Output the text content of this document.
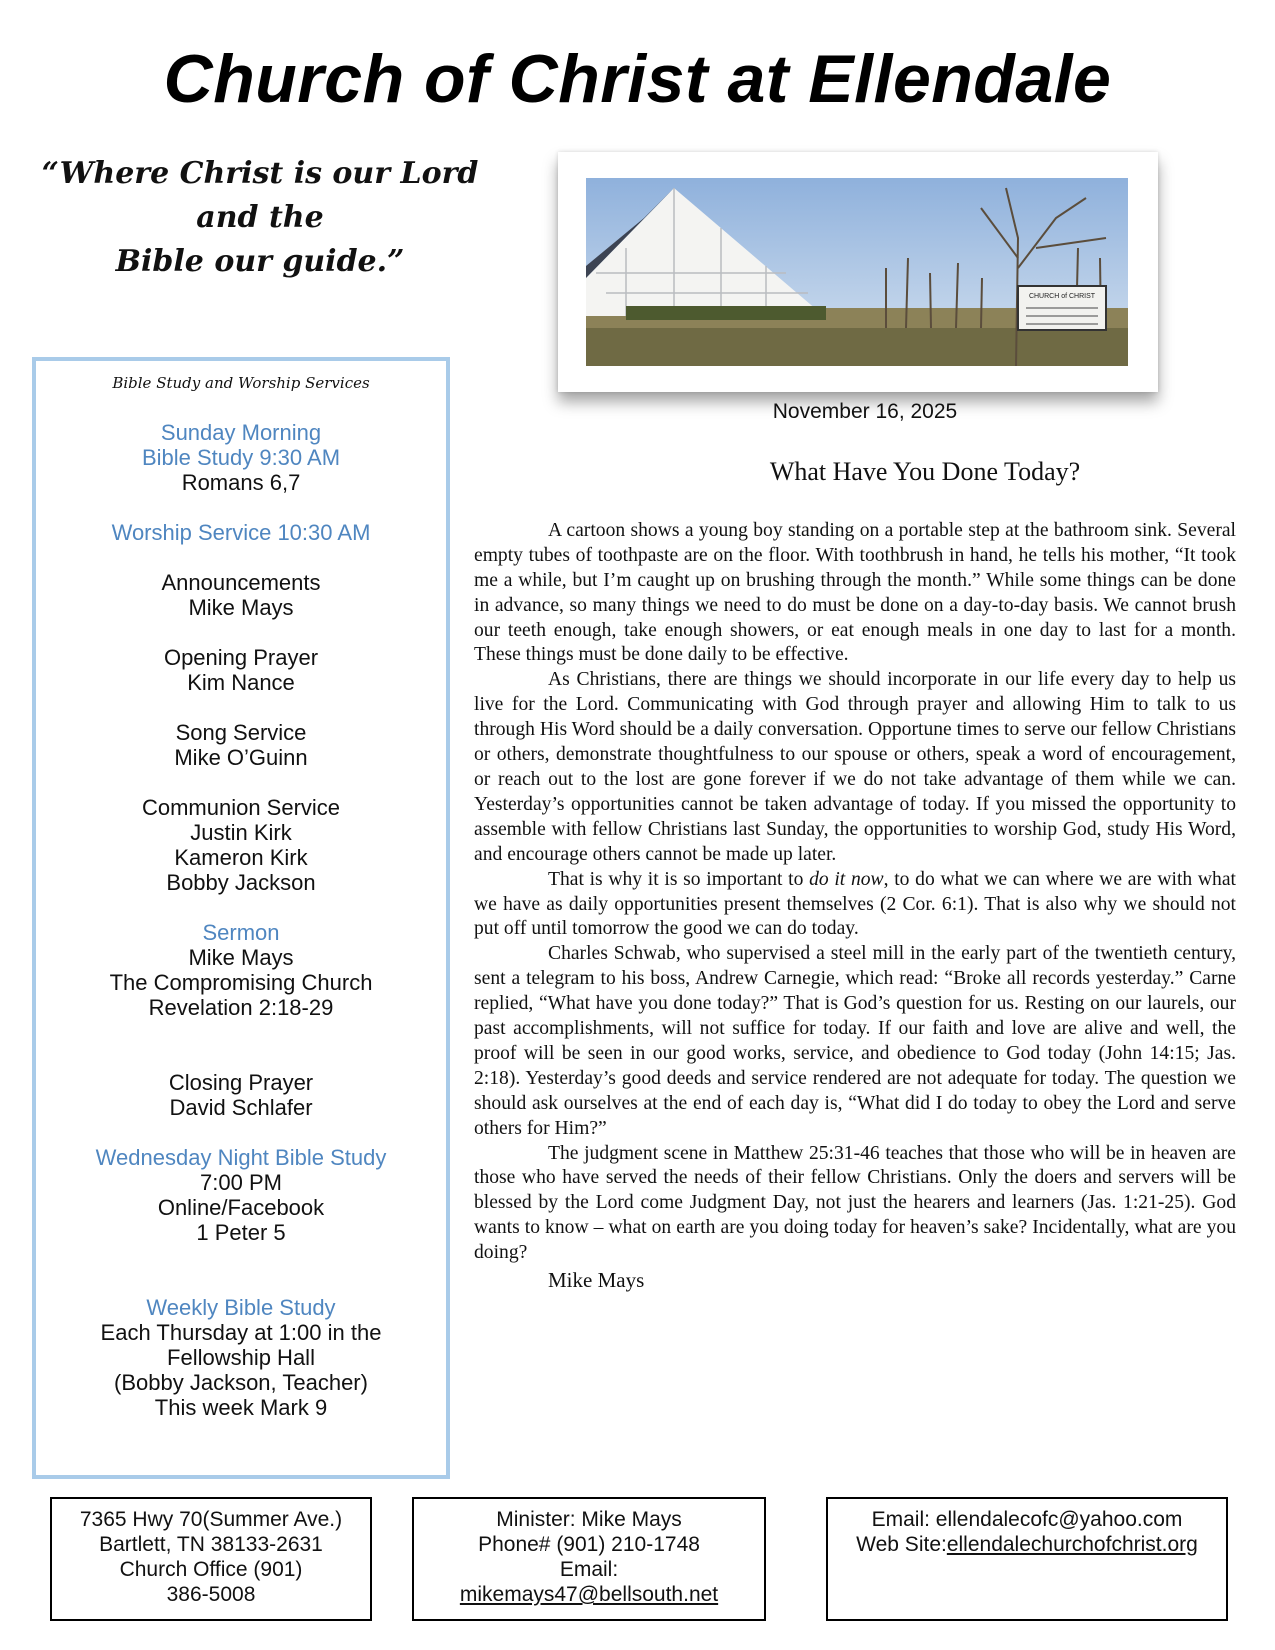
Church of Christ at Ellendale
“Where Christ is our Lord and the
Bible our guide.”
CHURCH of CHRIST
November 16, 2025
Bible Study and Worship Services
Sunday Morning
Bible Study 9:30 AM
Romans 6,7
Worship Service 10:30 AM
Announcements
Mike Mays
Opening Prayer
Kim Nance
Song Service
Mike O’Guinn
Communion Service
Justin Kirk
Kameron Kirk
Bobby Jackson
Sermon
Mike Mays
The Compromising Church
Revelation 2:18-29
Closing Prayer
David Schlafer
Wednesday Night Bible Study
7:00 PM
Online/Facebook
1 Peter 5
Weekly Bible Study
Each Thursday at 1:00 in the
Fellowship Hall
(Bobby Jackson, Teacher)
This week Mark 9
What Have You Done Today?

A cartoon shows a young boy standing on a portable step at the bathroom sink. Several empty tubes of toothpaste are on the floor. With toothbrush in hand, he tells his mother, “It took me a while, but I’m caught up on brushing through the month.” While some things can be done in advance, so many things we need to do must be done on a day-to-day basis. We cannot brush our teeth enough, take enough showers, or eat enough meals in one day to last for a month. These things must be done daily to be effective.

As Christians, there are things we should incorporate in our life every day to help us live for the Lord. Communicating with God through prayer and allowing Him to talk to us through His Word should be a daily conversation. Opportune times to serve our fellow Christians or others, demonstrate thoughtfulness to our spouse or others, speak a word of encouragement, or reach out to the lost are gone forever if we do not take advantage of them while we can. Yesterday’s opportunities cannot be taken advantage of today. If you missed the opportunity to assemble with fellow Christians last Sunday, the opportunities to worship God, study His Word, and encourage others cannot be made up later.

That is why it is so important to do it now, to do what we can where we are with what we have as daily opportunities present themselves (2 Cor. 6:1). That is also why we should not put off until tomorrow the good we can do today.

Charles Schwab, who supervised a steel mill in the early part of the twentieth century, sent a telegram to his boss, Andrew Carnegie, which read: “Broke all records yesterday.” Carne replied, “What have you done today?” That is God’s question for us. Resting on our laurels, our past accomplishments, will not suffice for today. If our faith and love are alive and well, the proof will be seen in our good works, service, and obedience to God today (John 14:15; Jas. 2:18). Yesterday’s good deeds and service rendered are not adequate for today. The question we should ask ourselves at the end of each day is, “What did I do today to obey the Lord and serve others for Him?”

The judgment scene in Matthew 25:31-46 teaches that those who will be in heaven are those who have served the needs of their fellow Christians. Only the doers and servers will be blessed by the Lord come Judgment Day, not just the hearers and learners (Jas. 1:21-25). God wants to know – what on earth are you doing today for heaven’s sake? Incidentally, what are you doing?

Mike Mays
7365 Hwy 70(Summer Ave.)
Bartlett, TN 38133-2631
Church Office (901)
386-5008
Minister: Mike Mays
Phone# (901) 210-1748
Email:
mikemays47@bellsouth.net
Email: ellendalecofc@yahoo.com
Web Site:ellendalechurchofchrist.org
